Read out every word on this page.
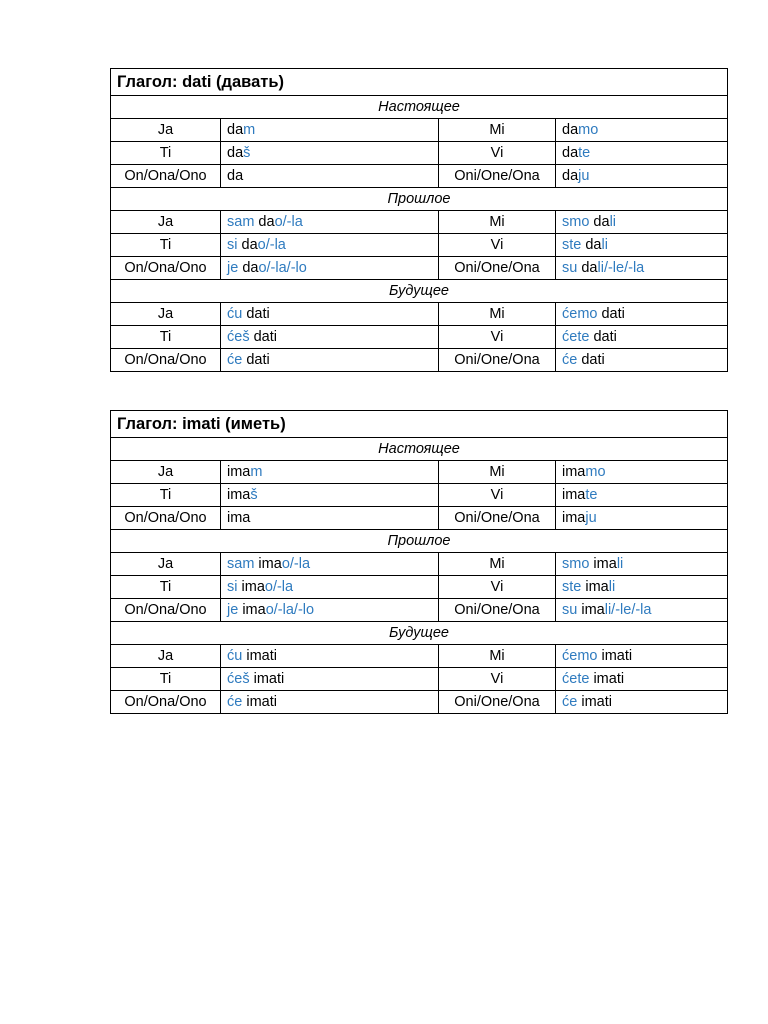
Глагол: dati (давать)			
Настоящее			
Ja	dam	Mi	damo
Ti	daš	Vi	date
On/Ona/Ono	da	Oni/One/Ona	daju
Прошлое			
Ja	sam dao/-la	Mi	smo dali
Ti	si dao/-la	Vi	ste dali
On/Ona/Ono	je dao/-la/-lo	Oni/One/Ona	su dali/-le/-la
Будущее			
Ja	ću dati	Mi	ćemo dati
Ti	ćeš dati	Vi	ćete dati
On/Ona/Ono	će dati	Oni/One/Ona	će dati
Глагол: imati (иметь)			
Настоящее			
Ja	imam	Mi	imamo
Ti	imaš	Vi	imate
On/Ona/Ono	ima	Oni/One/Ona	imaju
Прошлое			
Ja	sam imao/-la	Mi	smo imali
Ti	si imao/-la	Vi	ste imali
On/Ona/Ono	je imao/-la/-lo	Oni/One/Ona	su imali/-le/-la
Будущее			
Ja	ću imati	Mi	ćemo imati
Ti	ćeš imati	Vi	ćete imati
On/Ona/Ono	će imati	Oni/One/Ona	će imati
